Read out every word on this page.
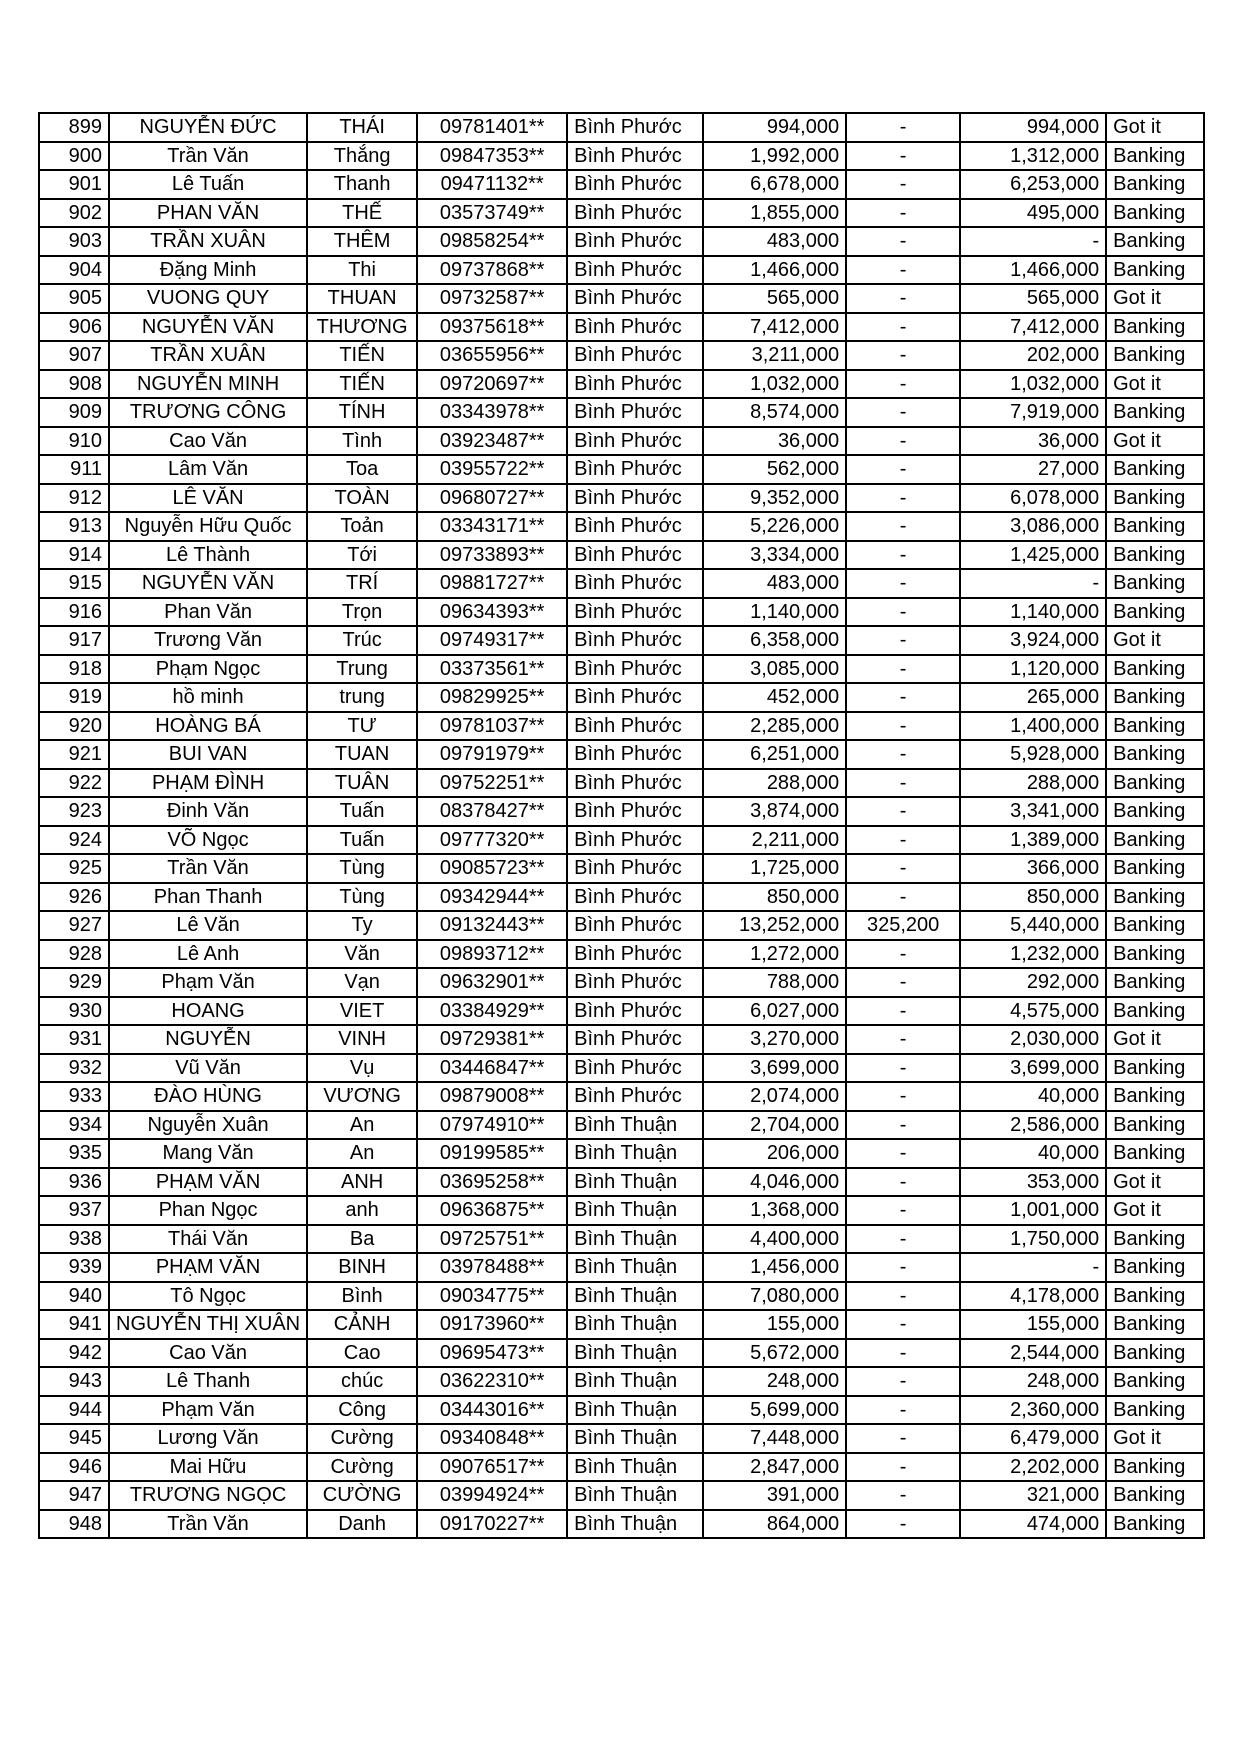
899	NGUYỄN ĐỨC	THÁI	09781401**	Bình Phước	994,000	-	994,000	Got it
900	Trần Văn	Thắng	09847353**	Bình Phước	1,992,000	-	1,312,000	Banking
901	Lê Tuấn	Thanh	09471132**	Bình Phước	6,678,000	-	6,253,000	Banking
902	PHAN VĂN	THẾ	03573749**	Bình Phước	1,855,000	-	495,000	Banking
903	TRẦN XUÂN	THÊM	09858254**	Bình Phước	483,000	-	-	Banking
904	Đặng Minh	Thi	09737868**	Bình Phước	1,466,000	-	1,466,000	Banking
905	VUONG QUY	THUAN	09732587**	Bình Phước	565,000	-	565,000	Got it
906	NGUYỄN VĂN	THƯƠNG	09375618**	Bình Phước	7,412,000	-	7,412,000	Banking
907	TRẦN XUÂN	TIẾN	03655956**	Bình Phước	3,211,000	-	202,000	Banking
908	NGUYỄN MINH	TIẾN	09720697**	Bình Phước	1,032,000	-	1,032,000	Got it
909	TRƯƠNG CÔNG	TÍNH	03343978**	Bình Phước	8,574,000	-	7,919,000	Banking
910	Cao Văn	Tình	03923487**	Bình Phước	36,000	-	36,000	Got it
911	Lâm Văn	Toa	03955722**	Bình Phước	562,000	-	27,000	Banking
912	LÊ VĂN	TOÀN	09680727**	Bình Phước	9,352,000	-	6,078,000	Banking
913	Nguyễn Hữu Quốc	Toản	03343171**	Bình Phước	5,226,000	-	3,086,000	Banking
914	Lê Thành	Tới	09733893**	Bình Phước	3,334,000	-	1,425,000	Banking
915	NGUYỄN VĂN	TRÍ	09881727**	Bình Phước	483,000	-	-	Banking
916	Phan Văn	Trọn	09634393**	Bình Phước	1,140,000	-	1,140,000	Banking
917	Trương Văn	Trúc	09749317**	Bình Phước	6,358,000	-	3,924,000	Got it
918	Phạm Ngọc	Trung	03373561**	Bình Phước	3,085,000	-	1,120,000	Banking
919	hồ minh	trung	09829925**	Bình Phước	452,000	-	265,000	Banking
920	HOÀNG BÁ	TƯ	09781037**	Bình Phước	2,285,000	-	1,400,000	Banking
921	BUI VAN	TUAN	09791979**	Bình Phước	6,251,000	-	5,928,000	Banking
922	PHẠM ĐÌNH	TUÂN	09752251**	Bình Phước	288,000	-	288,000	Banking
923	Đinh Văn	Tuấn	08378427**	Bình Phước	3,874,000	-	3,341,000	Banking
924	VÕ Ngọc	Tuấn	09777320**	Bình Phước	2,211,000	-	1,389,000	Banking
925	Trần Văn	Tùng	09085723**	Bình Phước	1,725,000	-	366,000	Banking
926	Phan Thanh	Tùng	09342944**	Bình Phước	850,000	-	850,000	Banking
927	Lê Văn	Ty	09132443**	Bình Phước	13,252,000	325,200	5,440,000	Banking
928	Lê Anh	Văn	09893712**	Bình Phước	1,272,000	-	1,232,000	Banking
929	Phạm Văn	Vạn	09632901**	Bình Phước	788,000	-	292,000	Banking
930	HOANG	VIET	03384929**	Bình Phước	6,027,000	-	4,575,000	Banking
931	NGUYỄN	VINH	09729381**	Bình Phước	3,270,000	-	2,030,000	Got it
932	Vũ Văn	Vụ	03446847**	Bình Phước	3,699,000	-	3,699,000	Banking
933	ĐÀO HÙNG	VƯƠNG	09879008**	Bình Phước	2,074,000	-	40,000	Banking
934	Nguyễn Xuân	An	07974910**	Bình Thuận	2,704,000	-	2,586,000	Banking
935	Mang Văn	An	09199585**	Bình Thuận	206,000	-	40,000	Banking
936	PHẠM VĂN	ANH	03695258**	Bình Thuận	4,046,000	-	353,000	Got it
937	Phan Ngọc	anh	09636875**	Bình Thuận	1,368,000	-	1,001,000	Got it
938	Thái Văn	Ba	09725751**	Bình Thuận	4,400,000	-	1,750,000	Banking
939	PHẠM VĂN	BINH	03978488**	Bình Thuận	1,456,000	-	-	Banking
940	Tô Ngọc	Bình	09034775**	Bình Thuận	7,080,000	-	4,178,000	Banking
941	NGUYỄN THỊ XUÂN	CẢNH	09173960**	Bình Thuận	155,000	-	155,000	Banking
942	Cao Văn	Cao	09695473**	Bình Thuận	5,672,000	-	2,544,000	Banking
943	Lê Thanh	chúc	03622310**	Bình Thuận	248,000	-	248,000	Banking
944	Phạm Văn	Công	03443016**	Bình Thuận	5,699,000	-	2,360,000	Banking
945	Lương Văn	Cường	09340848**	Bình Thuận	7,448,000	-	6,479,000	Got it
946	Mai Hữu	Cường	09076517**	Bình Thuận	2,847,000	-	2,202,000	Banking
947	TRƯƠNG NGỌC	CƯỜNG	03994924**	Bình Thuận	391,000	-	321,000	Banking
948	Trần Văn	Danh	09170227**	Bình Thuận	864,000	-	474,000	Banking
